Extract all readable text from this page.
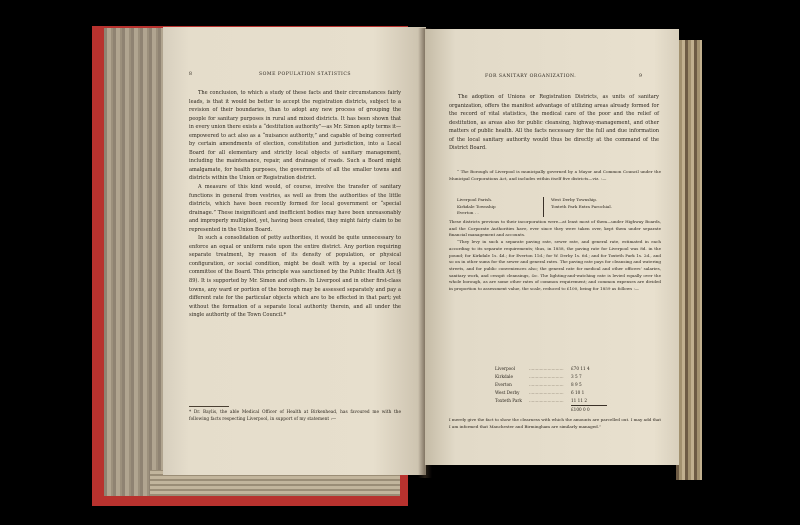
8	SOME POPULATION STATISTICS

The conclusion, to which a study of these facts and their circumstances fairly leads, is that it would be better to accept the registration districts, subject to a revision of their boundaries, than to adopt any new process of grouping the people for sanitary purposes in rural and mixed districts. It has been shown that in every union there exists a “destitution authority”—as Mr. Simon aptly terms it—empowered to act also as a “nuisance authority,” and capable of being converted by certain amendments of election, constitution and jurisdiction, into a Local Board for all elementary and strictly local objects of sanitary management, including the maintenance, repair, and drainage of roads. Such a Board might amalgamate, for health purposes, the governments of all the smaller towns and districts within the Union or Registration district.

A measure of this kind would, of course, involve the transfer of sanitary functions in general from vestries, as well as from the authorities of the little districts, which have been recently formed for local government or “special drainage.” These insignificant and inefficient bodies may have been unreasonably and improperly multiplied, yet, having been created, they might fairly claim to be represented in the Union Board.

In such a consolidation of petty authorities, it would be quite unnecessary to enforce an equal or uniform rate upon the entire district. Any portion requiring separate treatment, by reason of its density of population, or physical configuration, or social condition, might be dealt with by a special or local committee of the Board. This principle was sanctioned by the Public Health Act (§ 89). It is supported by Mr. Simon and others. In Liverpool and in other first-class towns, any ward or portion of the borough may be assessed separately and pay a different rate for the particular objects which are to be effected in that part; yet without the formation of a separate local authority therein, and all under the single authority of the Town Council.*

* Dr. Baylis, the able Medical Officer of Health at Birkenhead, has favoured me with the following facts respecting Liverpool, in support of my statement :—
FOR SANITARY ORGANIZATION.	9

The adoption of Unions or Registration Districts, as units of sanitary organization, offers the manifest advantage of utilizing areas already formed for the record of vital statistics, the medical care of the poor and the relief of destitution, as areas also for public cleansing, highway-management, and other matters of public health. All the facts necessary for the full and due information of the local sanitary authority would thus be directly at the command of the District Board.

“ The Borough of Liverpool is municipally governed by a Mayor and Common Council under the Municipal Corporations Act, and includes within itself five districts—viz. :—

Liverpool Parish.
Kirkdale Township
Everton . .
West Derby Township.
Toxteth Park Extra Parochial.

These districts previous to their incorporation were—at least most of them—under Highway Boards, and the Corporate Authorities have, ever since they were taken over, kept them under separate financial management and accounts.

“They levy in such a separate paving rate, sewer rate, and general rate, estimated in each according to its separate requirements; thus, in 1858, the paving rate for Liverpool was 8d. in the pound; for Kirkdale 1s. 4d.; for Everton 11d.; for W. Derby 1s. 6d.; and for Toxteth Park 1s. 2d., and so on in other sums for the sewer and general rates. The paving rate pays for cleansing and watering streets, and for public conveniences also; the general rate for medical and other officers’ salaries, sanitary work, and cesspit cleansings, &c. The lighting-and-watching rate is levied equally over the whole borough, as are some other rates of common requirement; and common expenses are divided in proportion to assessment value, the scale, reduced to £100, being for 1859 as follows :—

Liverpool	..........................	£70 11 4
Kirkdale	..........................	3 5 7
Everton	..........................	8 9 5
West Derby ..........................	6 10 1
Toxteth Park ..........................	11 11 2
£100 0 0

I merely give the fact to show the clearness with which the amounts are parcelled out. I may add that I am informed that Manchester and Birmingham are similarly managed.”
